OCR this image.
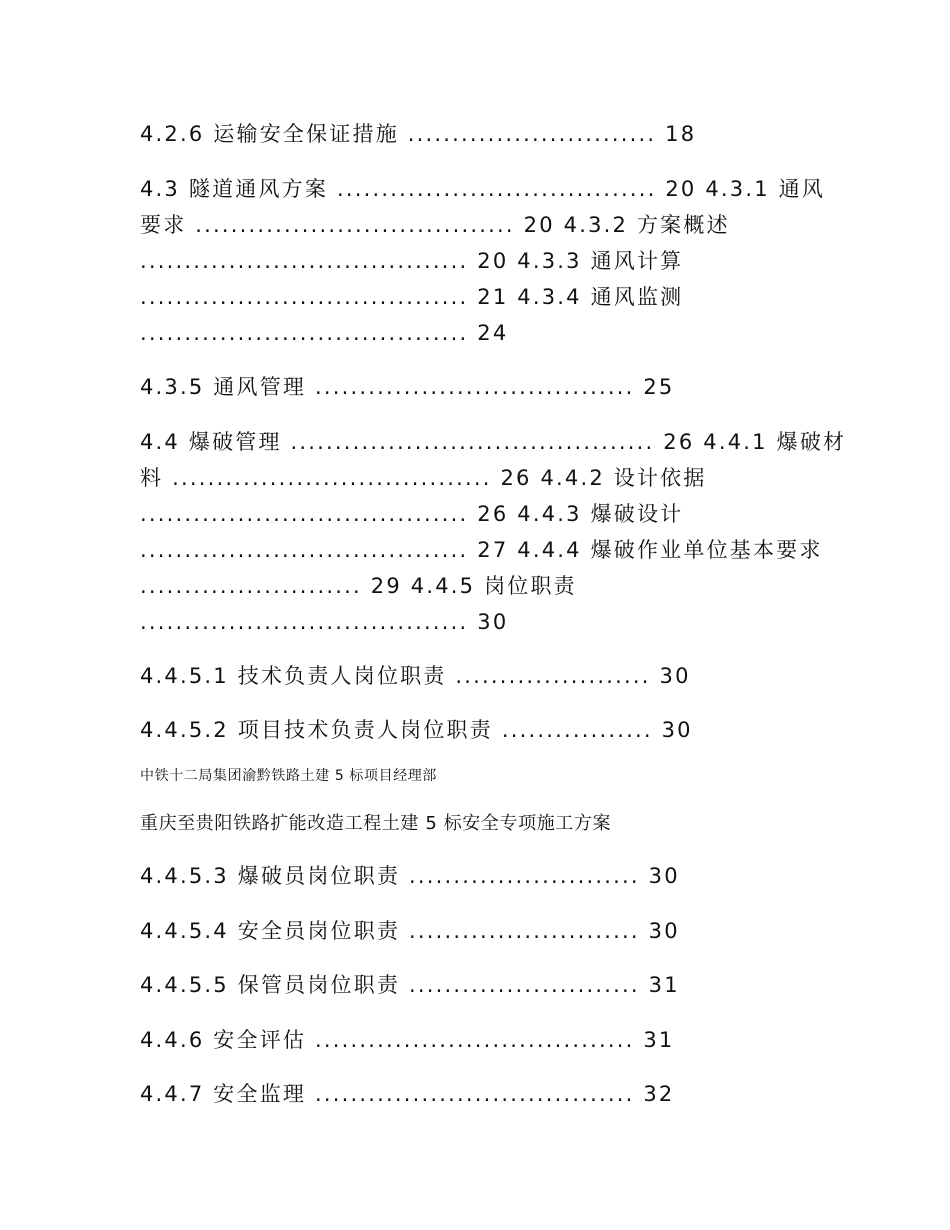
4.2.6 运输安全保证措施 ............................ 18
4.3 隧道通风方案 .................................... 20 4.3.1 通风
要求 .................................... 20 4.3.2 方案概述
..................................... 20 4.3.3 通风计算
..................................... 21 4.3.4 通风监测
..................................... 24
4.3.5 通风管理 .................................... 25
4.4 爆破管理 ......................................... 26 4.4.1 爆破材
料 .................................... 26 4.4.2 设计依据
..................................... 26 4.4.3 爆破设计
..................................... 27 4.4.4 爆破作业单位基本要求
......................... 29 4.4.5 岗位职责
..................................... 30
4.4.5.1 技术负责人岗位职责 ...................... 30
4.4.5.2 项目技术负责人岗位职责 ................. 30
中铁十二局集团渝黔铁路土建 5 标项目经理部
重庆至贵阳铁路扩能改造工程土建 5 标安全专项施工方案
4.4.5.3 爆破员岗位职责 .......................... 30
4.4.5.4 安全员岗位职责 .......................... 30
4.4.5.5 保管员岗位职责 .......................... 31
4.4.6 安全评估 .................................... 31
4.4.7 安全监理 .................................... 32
